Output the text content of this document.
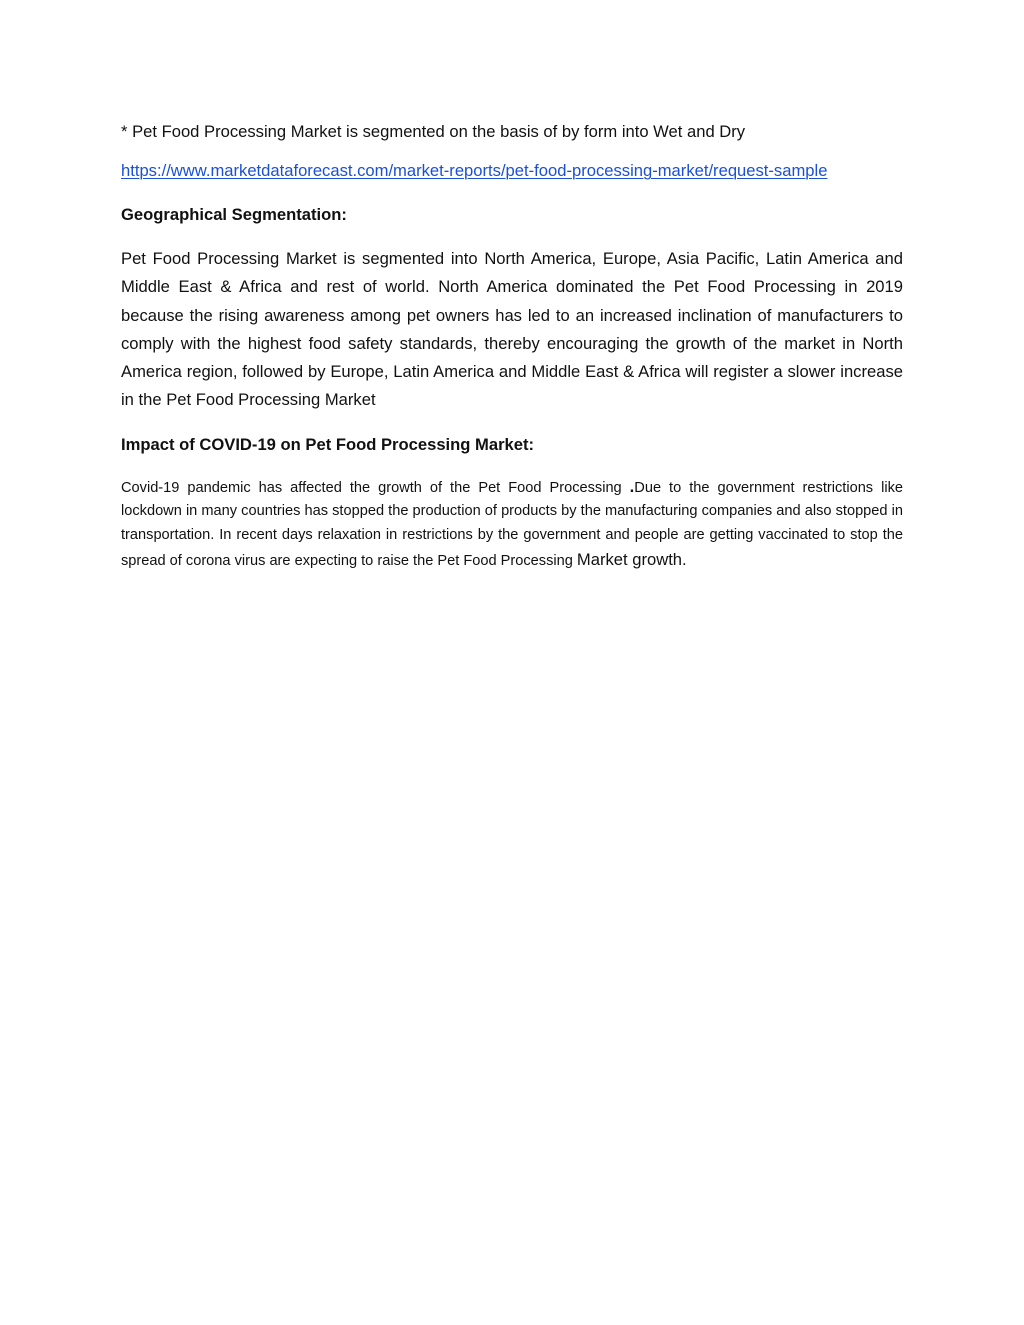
* Pet Food Processing Market is segmented on the basis of by form into Wet and Dry

https://www.marketdataforecast.com/market-reports/pet-food-processing-market/request-sample

Geographical Segmentation:

Pet Food Processing Market is segmented into North America, Europe, Asia Pacific, Latin America and Middle East & Africa and rest of world. North America dominated the Pet Food Processing in 2019 because the rising awareness among pet owners has led to an increased inclination of manufacturers to comply with the highest food safety standards, thereby encouraging the growth of the market in North America region, followed by Europe, Latin America and Middle East & Africa will register a slower increase in the Pet Food Processing Market

Impact of COVID-19 on Pet Food Processing Market:

Covid-19 pandemic has affected the growth of the Pet Food Processing .Due to the government restrictions like lockdown in many countries has stopped the production of products by the manufacturing companies and also stopped in transportation. In recent days relaxation in restrictions by the government and people are getting vaccinated to stop the spread of corona virus are expecting to raise the Pet Food Processing Market growth.
